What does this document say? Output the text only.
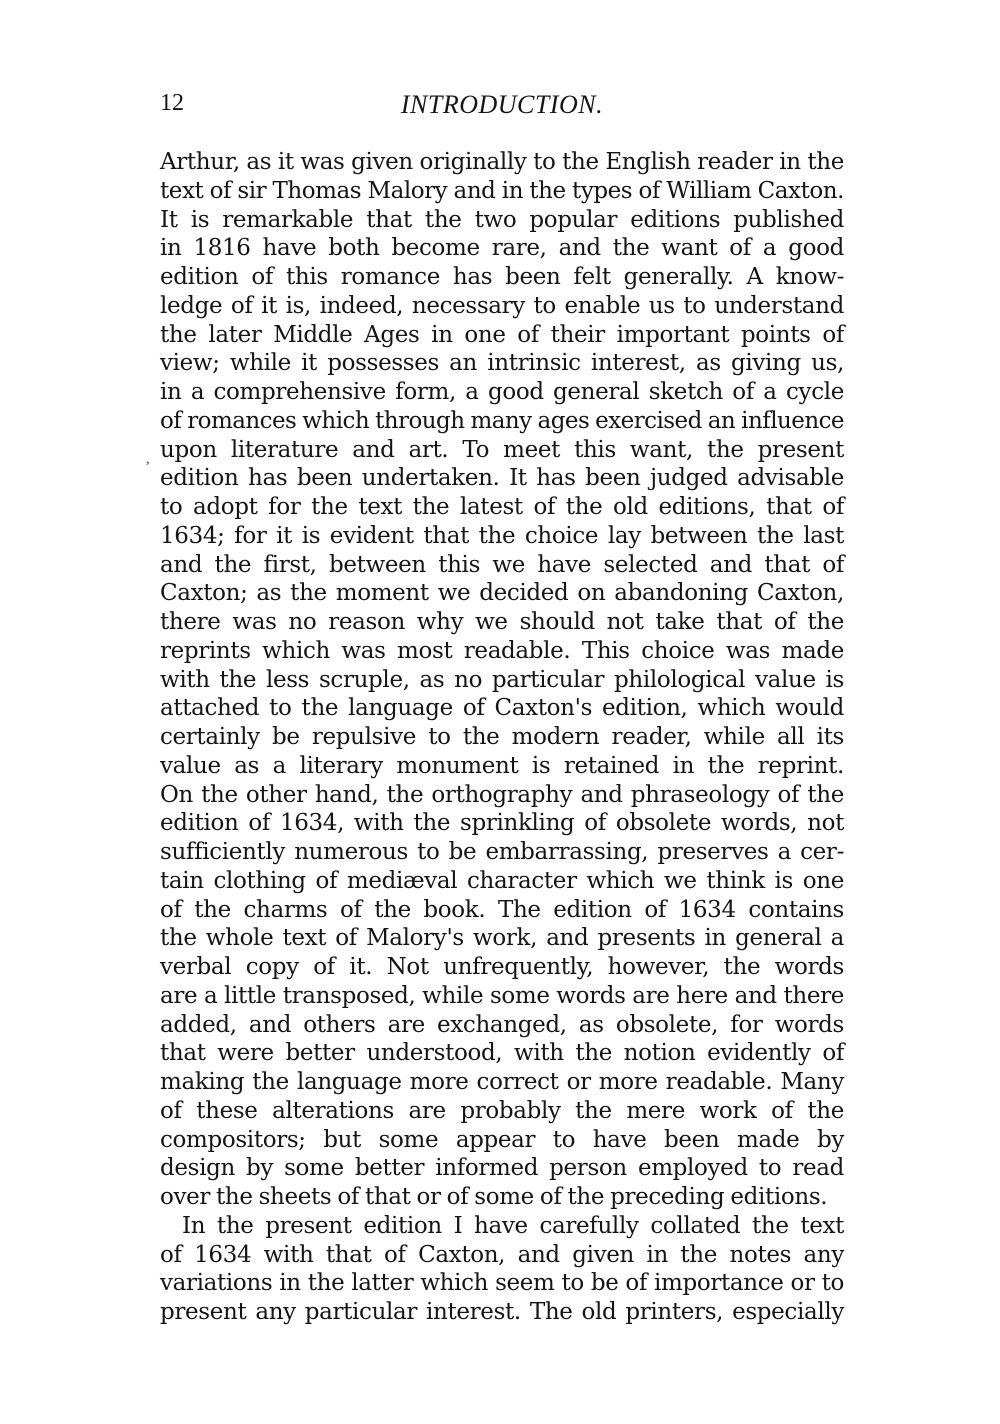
12	INTRODUCTION.
,
Arthur, as it was given originally to the English reader in the
text of sir Thomas Malory and in the types of William Caxton.
It is remarkable that the two popular editions published
in 1816 have both become rare, and the want of a good
edition of this romance has been felt generally. A know-
ledge of it is, indeed, necessary to enable us to understand
the later Middle Ages in one of their important points of
view; while it possesses an intrinsic interest, as giving us,
in a comprehensive form, a good general sketch of a cycle
of romances which through many ages exercised an influence
upon literature and art. To meet this want, the present
edition has been undertaken. It has been judged advisable
to adopt for the text the latest of the old editions, that of
1634; for it is evident that the choice lay between the last
and the first, between this we have selected and that of
Caxton; as the moment we decided on abandoning Caxton,
there was no reason why we should not take that of the
reprints which was most readable. This choice was made
with the less scruple, as no particular philological value is
attached to the language of Caxton's edition, which would
certainly be repulsive to the modern reader, while all its
value as a literary monument is retained in the reprint.
On the other hand, the orthography and phraseology of the
edition of 1634, with the sprinkling of obsolete words, not
sufficiently numerous to be embarrassing, preserves a cer-
tain clothing of mediæval character which we think is one
of the charms of the book. The edition of 1634 contains
the whole text of Malory's work, and presents in general a
verbal copy of it. Not unfrequently, however, the words
are a little transposed, while some words are here and there
added, and others are exchanged, as obsolete, for words
that were better understood, with the notion evidently of
making the language more correct or more readable. Many
of these alterations are probably the mere work of the
compositors; but some appear to have been made by
design by some better informed person employed to read
over the sheets of that or of some of the preceding editions.
In the present edition I have carefully collated the text
of 1634 with that of Caxton, and given in the notes any
variations in the latter which seem to be of importance or to
present any particular interest. The old printers, especially
